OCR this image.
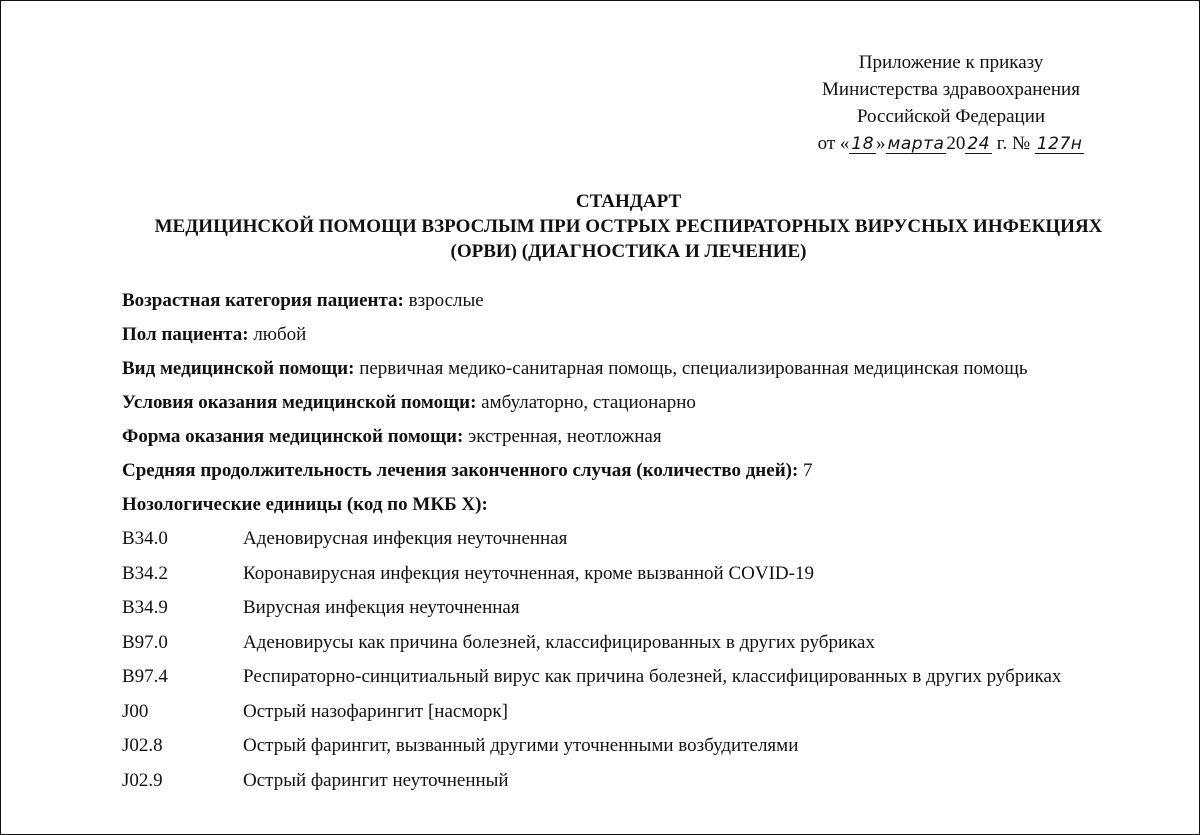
Приложение к приказу
Министерства здравоохранения
Российской Федерации
от « 18 » марта 20 24 г. № 127н
СТАНДАРТ
МЕДИЦИНСКОЙ ПОМОЩИ ВЗРОСЛЫМ ПРИ ОСТРЫХ РЕСПИРАТОРНЫХ ВИРУСНЫХ ИНФЕКЦИЯХ
(ОРВИ) (ДИАГНОСТИКА И ЛЕЧЕНИЕ)
Возрастная категория пациента: взрослые
Пол пациента: любой
Вид медицинской помощи: первичная медико-санитарная помощь, специализированная медицинская помощь
Условия оказания медицинской помощи: амбулаторно, стационарно
Форма оказания медицинской помощи: экстренная, неотложная
Средняя продолжительность лечения законченного случая (количество дней): 7
Нозологические единицы (код по МКБ X):
B34.0	Аденовирусная инфекция неуточненная
B34.2	Коронавирусная инфекция неуточненная, кроме вызванной COVID-19
B34.9	Вирусная инфекция неуточненная
B97.0	Аденовирусы как причина болезней, классифицированных в других рубриках
B97.4	Респираторно-синцитиальный вирус как причина болезней, классифицированных в других рубриках
J00	Острый назофарингит [насморк]
J02.8	Острый фарингит, вызванный другими уточненными возбудителями
J02.9	Острый фарингит неуточненный
